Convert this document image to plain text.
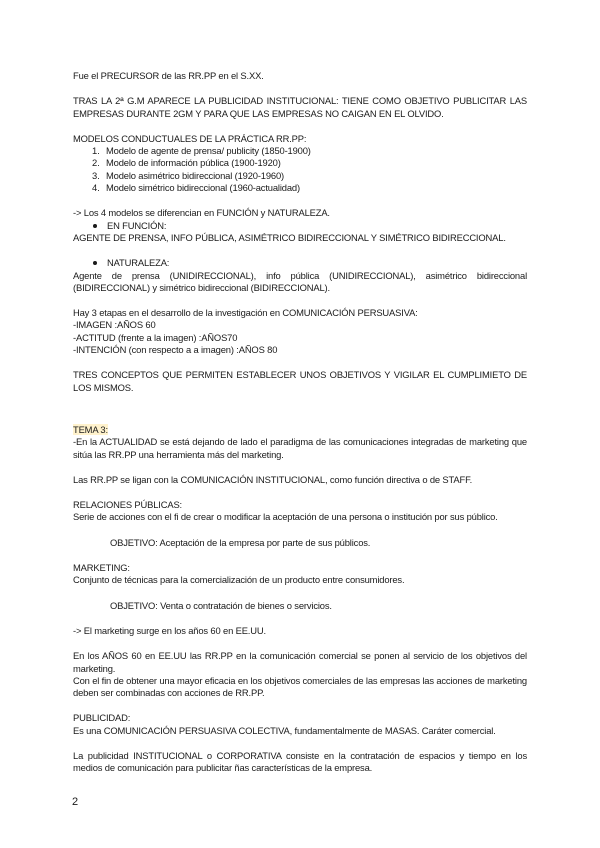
Fue el PRECURSOR de las RR.PP en el S.XX.

TRAS LA 2ª G.M APARECE LA PUBLICIDAD INSTITUCIONAL: TIENE COMO OBJETIVO PUBLICITAR LAS EMPRESAS DURANTE 2GM Y PARA QUE LAS EMPRESAS NO CAIGAN EN EL OLVIDO.

MODELOS CONDUCTUALES DE LA PRÁCTICA RR.PP:

1. Modelo de agente de prensa/ publicity (1850-1900)
2. Modelo de información pública (1900-1920)
3. Modelo asimétrico bidireccional (1920-1960)
4. Modelo simétrico bidireccional (1960-actualidad)

-> Los 4 modelos se diferencian en FUNCIÓN y NATURALEZA.

EN FUNCIÓN:

AGENTE DE PRENSA, INFO PÚBLICA, ASIMÉTRICO BIDIRECCIONAL Y SIMÉTRICO BIDIRECCIONAL.

NATURALEZA:

Agente de prensa (UNIDIRECCIONAL), info pública (UNIDIRECCIONAL), asimétrico bidireccional (BIDIRECCIONAL) y simétrico bidireccional (BIDIRECCIONAL).

Hay 3 etapas en el desarrollo de la investigación en COMUNICACIÓN PERSUASIVA:

-IMAGEN :AÑOS 60

-ACTITUD (frente a la imagen) :AÑOS70

-INTENCIÓN (con respecto a a imagen) :AÑOS 80

TRES CONCEPTOS QUE PERMITEN ESTABLECER UNOS OBJETIVOS Y VIGILAR EL CUMPLIMIETO DE LOS MISMOS.

TEMA 3:

-En la ACTUALIDAD se está dejando de lado el paradigma de las comunicaciones integradas de marketing que sitúa las RR.PP una herramienta más del marketing.

Las RR.PP se ligan con la COMUNICACIÓN INSTITUCIONAL, como función directiva o de STAFF.

RELACIONES PÚBLICAS:

Serie de acciones con el fi de crear o modificar la aceptación de una persona o institución por sus público.

OBJETIVO: Aceptación de la empresa por parte de sus públicos.

MARKETING:

Conjunto de técnicas para la comercialización de un producto entre consumidores.

OBJETIVO: Venta o contratación de bienes o servicios.

-> El marketing surge en los años 60 en EE.UU.

En los AÑOS 60 en EE.UU las RR.PP en la comunicación comercial se ponen al servicio de los objetivos del marketing.

Con el fin de obtener una mayor eficacia en los objetivos comerciales de las empresas las acciones de marketing deben ser combinadas con acciones de RR.PP.

PUBLICIDAD:

Es una COMUNICACIÓN PERSUASIVA COLECTIVA, fundamentalmente de MASAS. Caráter comercial.

La publicidad INSTITUCIONAL o CORPORATIVA consiste en la contratación de espacios y tiempo en los medios de comunicación para publicitar ñas características de la empresa.

2
